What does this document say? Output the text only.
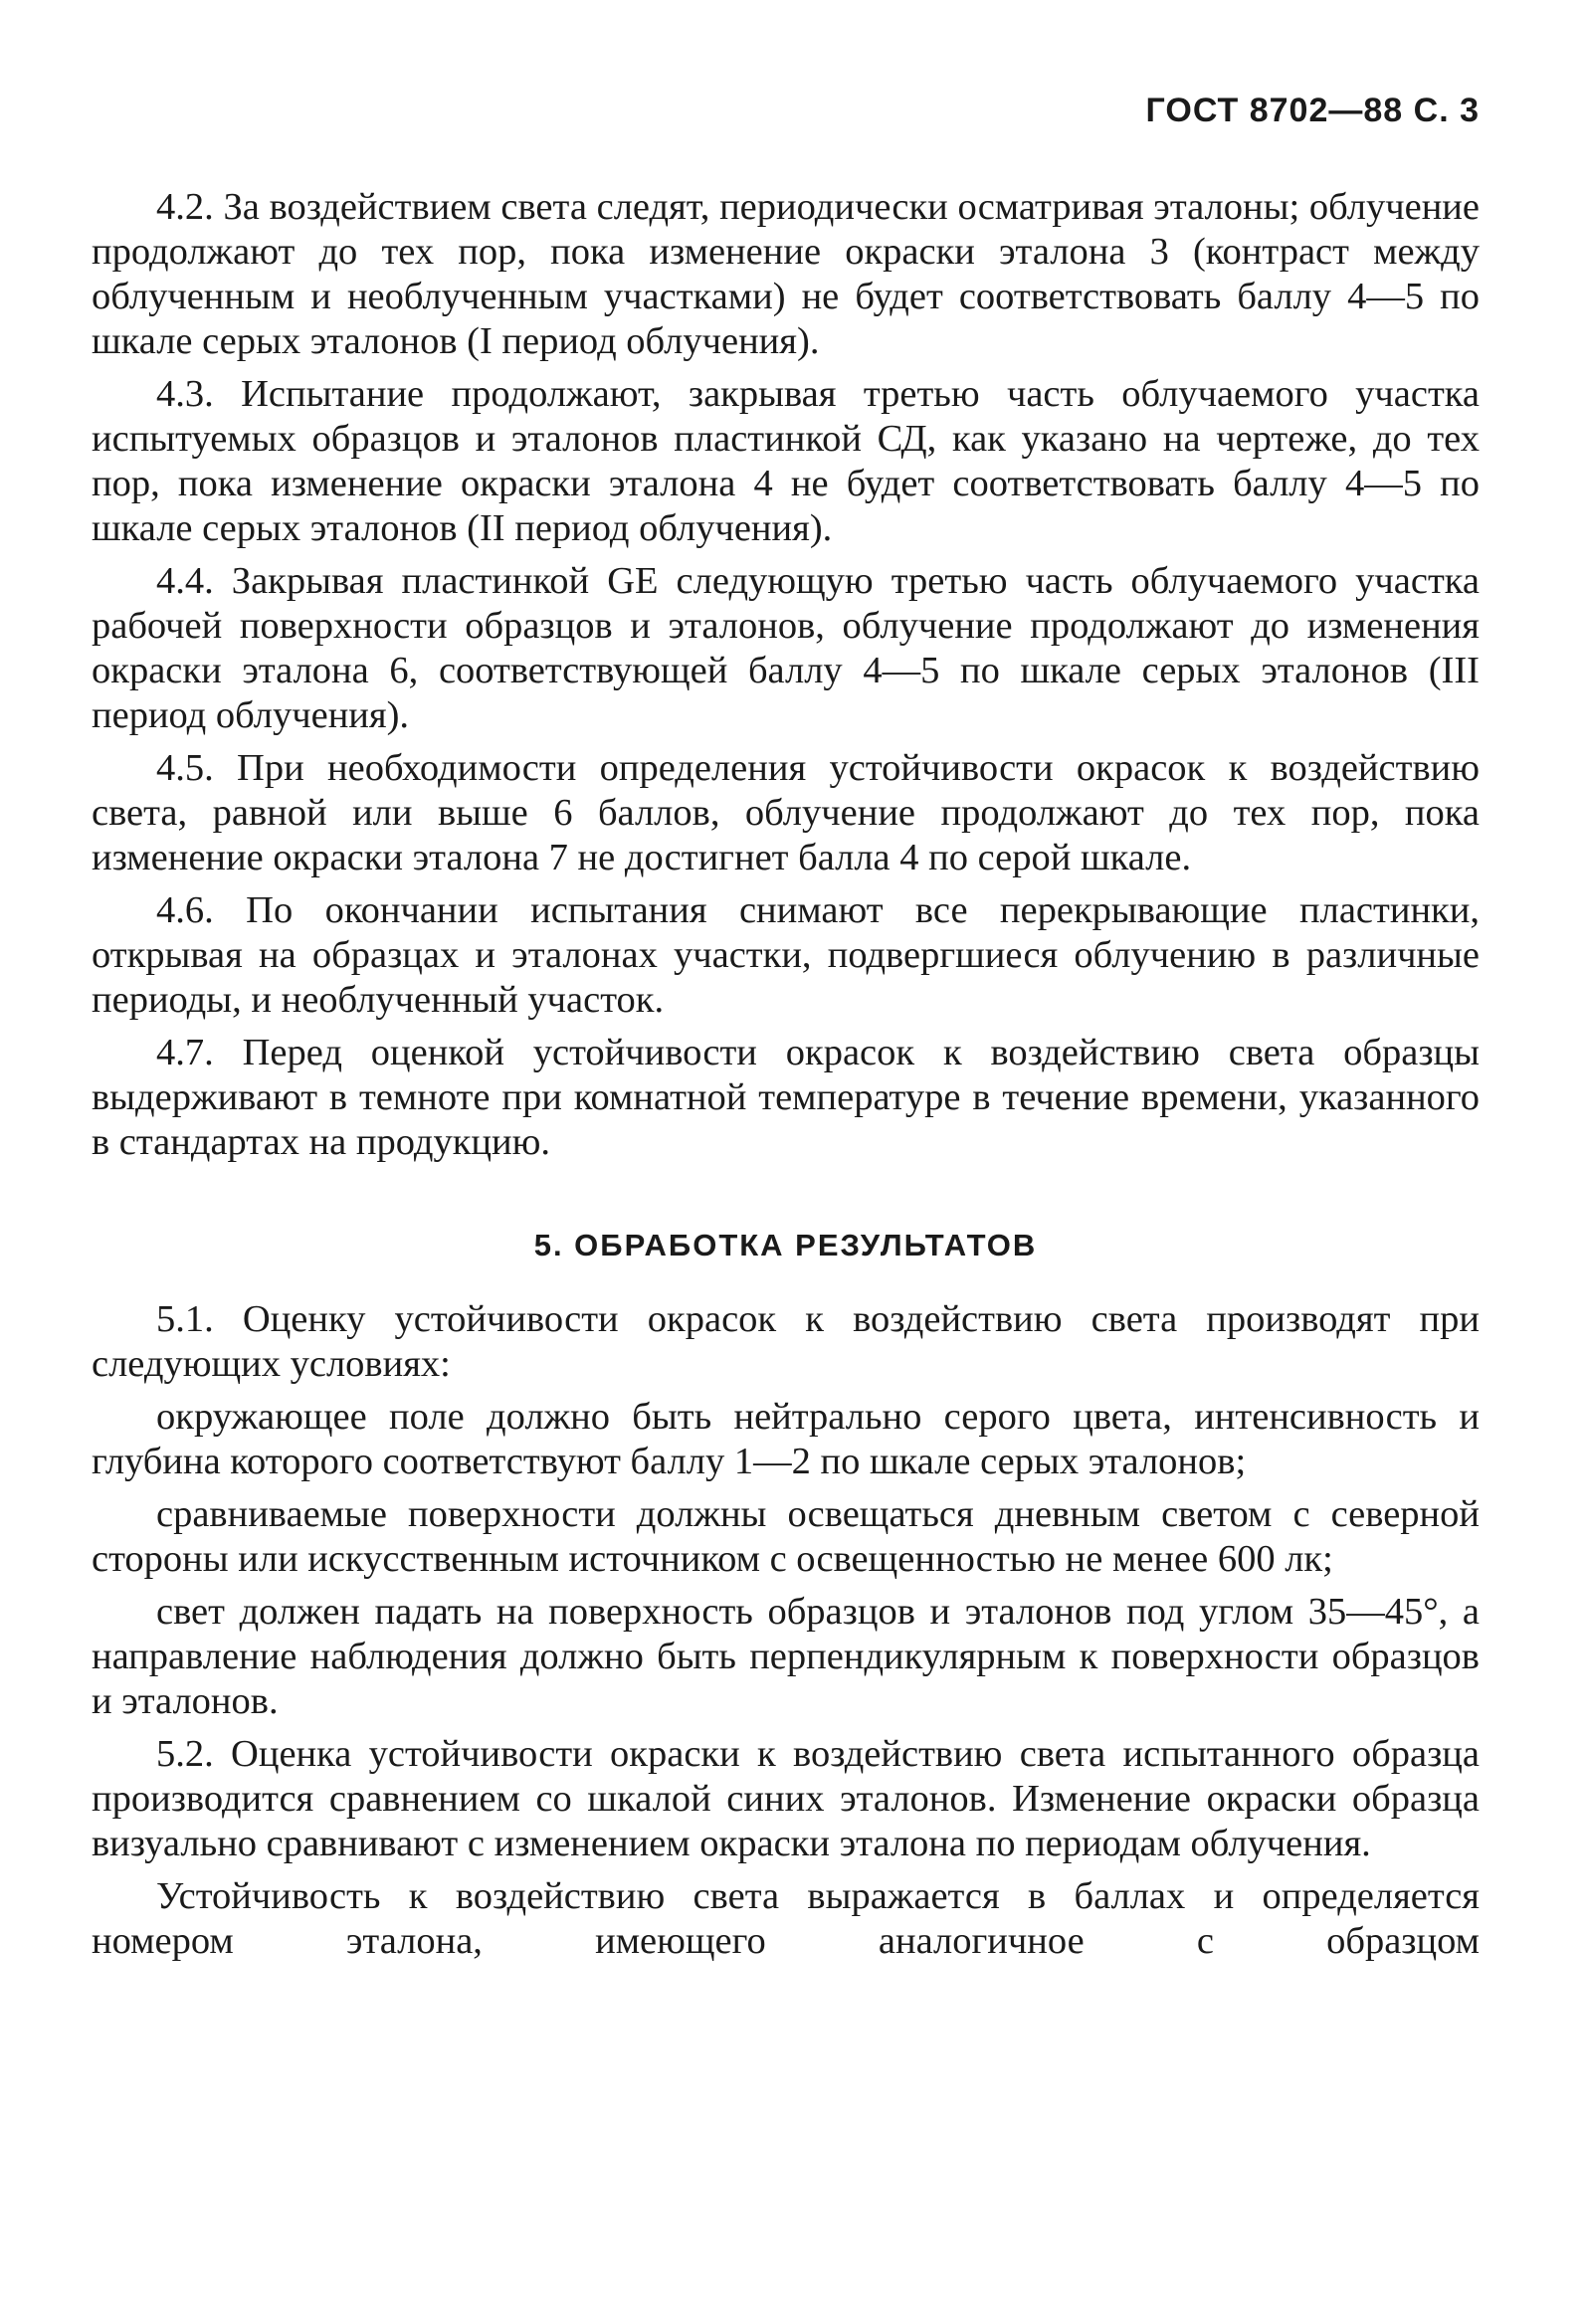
ГОСТ 8702—88 С. 3

4.2. За воздействием света следят, периодически осматривая эталоны; облучение продолжают до тех пор, пока изменение окраски эталона 3 (контраст между облученным и необлученным участками) не будет соответствовать баллу 4—5 по шкале серых эталонов (I период облучения).

4.3. Испытание продолжают, закрывая третью часть облучаемого участка испытуемых образцов и эталонов пластинкой СД, как указано на чертеже, до тех пор, пока изменение окраски эталона 4 не будет соответствовать баллу 4—5 по шкале серых эталонов (II период облучения).

4.4. Закрывая пластинкой GE следующую третью часть облучаемого участка рабочей поверхности образцов и эталонов, облучение продолжают до изменения окраски эталона 6, соответствующей баллу 4—5 по шкале серых эталонов (III период облучения).

4.5. При необходимости определения устойчивости окрасок к воздействию света, равной или выше 6 баллов, облучение продолжают до тех пор, пока изменение окраски эталона 7 не достигнет балла 4 по серой шкале.

4.6. По окончании испытания снимают все перекрывающие пластинки, открывая на образцах и эталонах участки, подвергшиеся облучению в различные периоды, и необлученный участок.

4.7. Перед оценкой устойчивости окрасок к воздействию света образцы выдерживают в темноте при комнатной температуре в течение времени, указанного в стандартах на продукцию.

5. ОБРАБОТКА РЕЗУЛЬТАТОВ

5.1. Оценку устойчивости окрасок к воздействию света производят при следующих условиях:

окружающее поле должно быть нейтрально серого цвета, интенсивность и глубина которого соответствуют баллу 1—2 по шкале серых эталонов;

сравниваемые поверхности должны освещаться дневным светом с северной стороны или искусственным источником с освещенностью не менее 600 лк;

свет должен падать на поверхность образцов и эталонов под углом 35—45°, а направление наблюдения должно быть перпендикулярным к поверхности образцов и эталонов.

5.2. Оценка устойчивости окраски к воздействию света испытанного образца производится сравнением со шкалой синих эталонов. Изменение окраски образца визуально сравнивают с изменением окраски эталона по периодам облучения.

Устойчивость к воздействию света выражается в баллах и определяется номером эталона, имеющего аналогичное с образцом
